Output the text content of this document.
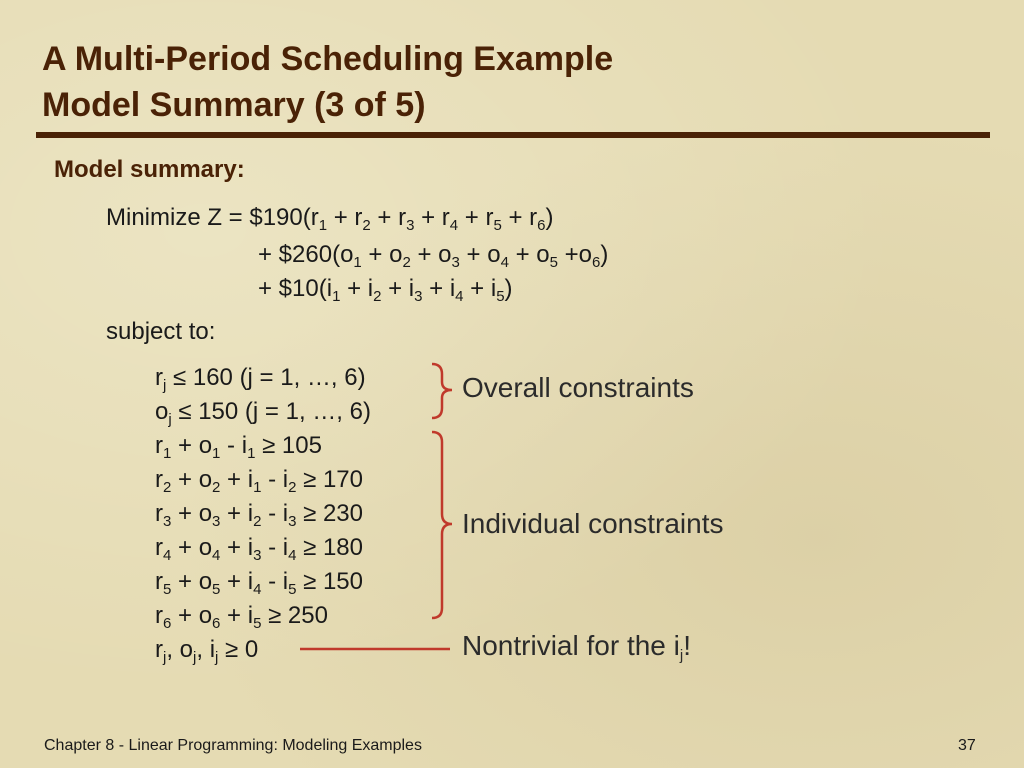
A Multi-Period Scheduling Example
Model Summary (3 of 5)
Model summary:
Minimize $Z = \$190(r_1 + r_2 + r_3 + r_4 + r_5 + r_6)$
+ $\$260(o_1 + o_2 + o_3 + o_4 + o_5 +o_6)$
+ $\$10(i_1 + i_2 + i_3 + i_4 + i_5)$
subject to:
$r_j \le 160$ (j = 1, …, 6)
$o_j \le 150$ (j = 1, …, 6)
$r_1 + o_1 - i_1 \ge 105$
$r_2 + o_2 + i_1 - i_2 \ge 170$
$r_3 + o_3 + i_2 - i_3 \ge 230$
$r_4 + o_4 + i_3 - i_4 \ge 180$
$r_5 + o_5 + i_4 - i_5 \ge 150$
$r_6 + o_6 + i_5 \ge 250$
$r_j$, $o_j$, $i_j \ge 0$
Overall constraints
Individual constraints
Nontrivial for the $i_j$!
Chapter 8 - Linear Programming: Modeling Examples	37
